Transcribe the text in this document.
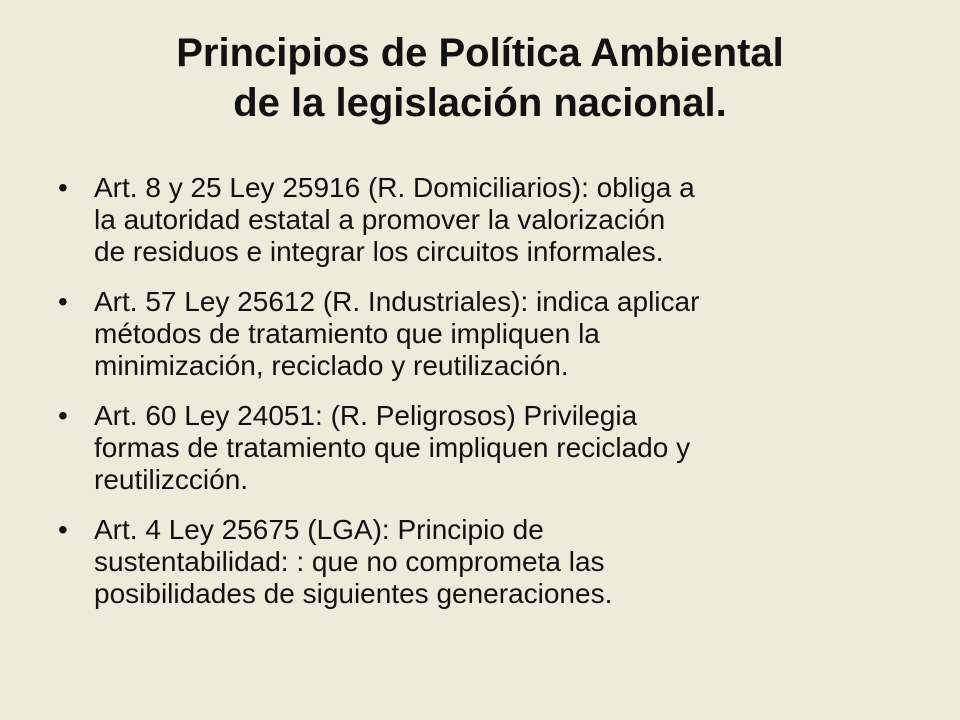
Principios de Política Ambiental
de la legislación nacional.
• Art. 8 y 25 Ley 25916 (R. Domiciliarios): obliga a
la autoridad estatal a promover la valorización
de residuos e integrar los circuitos informales.
• Art. 57 Ley 25612 (R. Industriales): indica aplicar
métodos de tratamiento que impliquen la
minimización, reciclado y reutilización.
• Art. 60 Ley 24051: (R. Peligrosos) Privilegia
formas de tratamiento que impliquen reciclado y
reutilizcción.
• Art. 4 Ley 25675 (LGA): Principio de
sustentabilidad: : que no comprometa las
posibilidades de siguientes generaciones.
